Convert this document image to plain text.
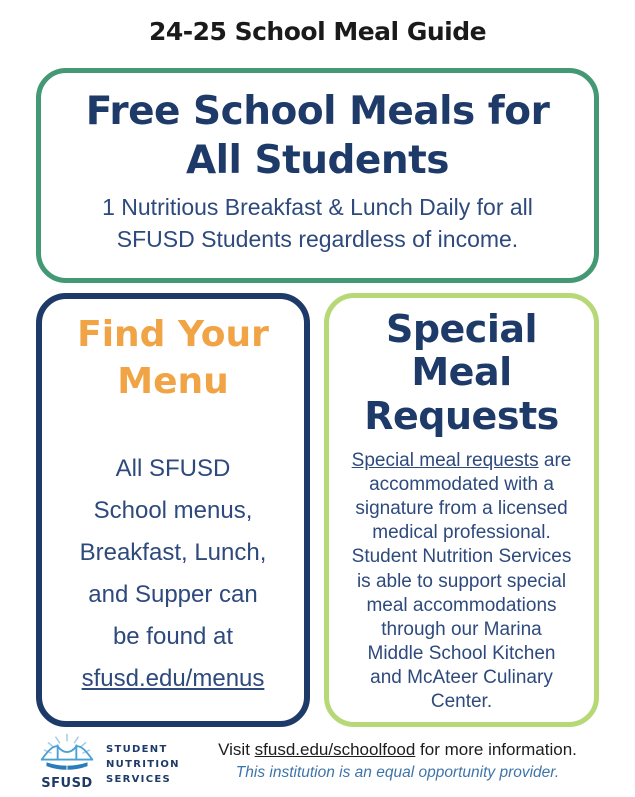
24-25 School Meal Guide
Free School Meals for
All Students
1 Nutritious Breakfast & Lunch Daily for all
SFUSD Students regardless of income.
Find Your
Menu
All SFUSD
School menus,
Breakfast, Lunch,
and Supper can
be found at
sfusd.edu/menus
Special
Meal
Requests
Special meal requests are
accommodated with a
signature from a licensed
medical professional.
Student Nutrition Services
is able to support special
meal accommodations
through our Marina
Middle School Kitchen
and McAteer Culinary
Center.
SFUSD
STUDENT
NUTRITION
SERVICES
Visit sfusd.edu/schoolfood for more information.
This institution is an equal opportunity provider.
